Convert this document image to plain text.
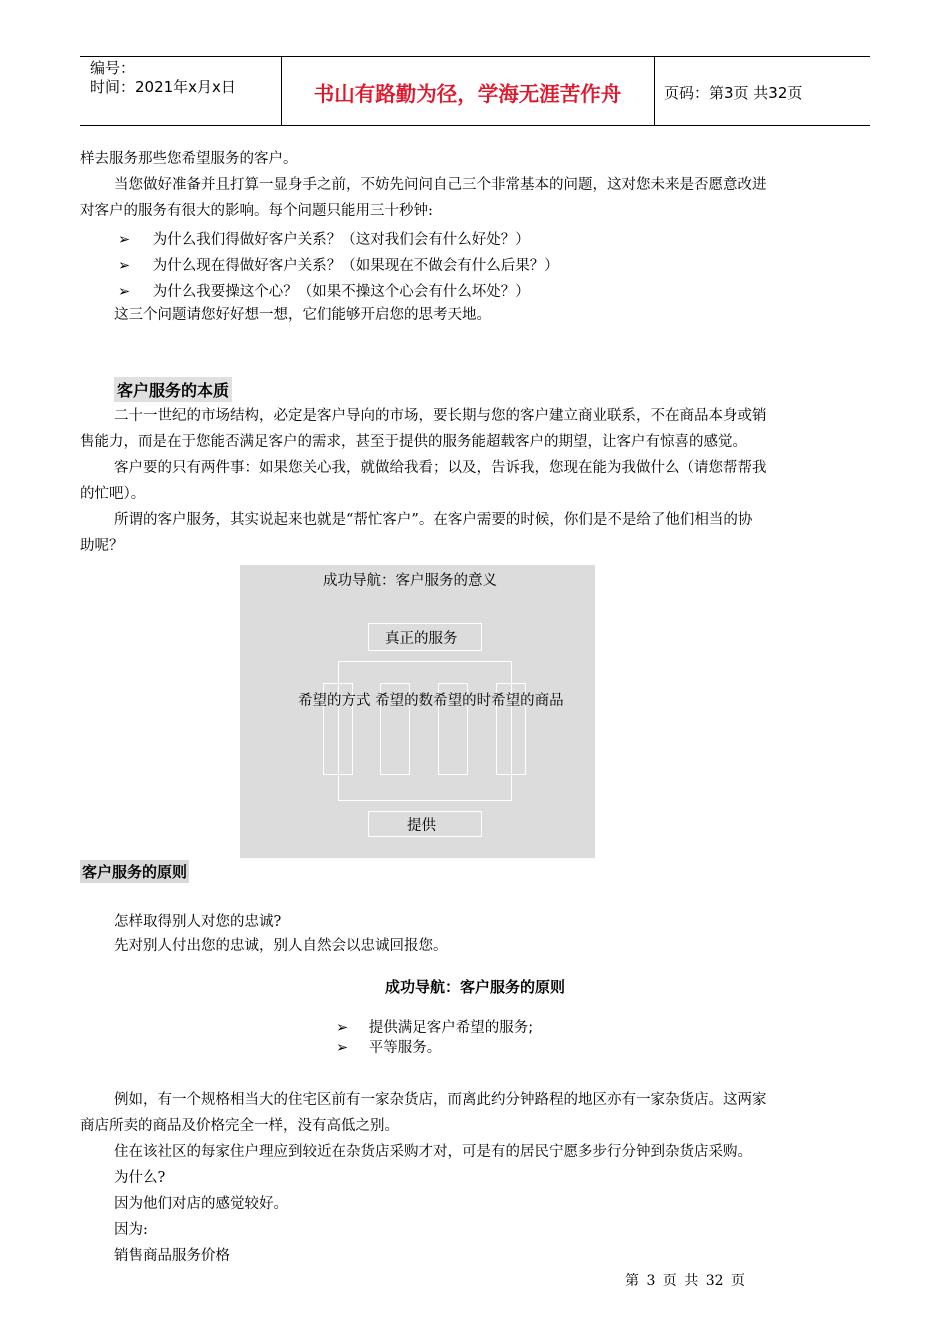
编号：
时间：2021年x月x日	书山有路勤为径，学海无涯苦作舟	页码：第3页 共32页
样去服务那些您希望服务的客户。
当您做好准备并且打算一显身手之前，不妨先问问自己三个非常基本的问题，这对您未来是否愿意改进
对客户的服务有很大的影响。每个问题只能用三十秒钟:
➢ 为什么我们得做好客户关系？（这对我们会有什么好处？）
➢ 为什么现在得做好客户关系？（如果现在不做会有什么后果？）
➢ 为什么我要操这个心？（如果不操这个心会有什么坏处？）
这三个问题请您好好想一想，它们能够开启您的思考天地。
客户服务的本质
二十一世纪的市场结构，必定是客户导向的市场，要长期与您的客户建立商业联系，不在商品本身或销
售能力，而是在于您能否满足客户的需求，甚至于提供的服务能超载客户的期望，让客户有惊喜的感觉。
客户要的只有两件事：如果您关心我，就做给我看；以及，告诉我，您现在能为我做什么（请您帮帮我
的忙吧）。
所谓的客户服务，其实说起来也就是“帮忙客户”。在客户需要的时候，你们是不是给了他们相当的协
助呢？
成功导航：客户服务的意义
真正的服务
希望的方式 希望的数希望的时希望的商品
提供
客户服务的原则
怎样取得别人对您的忠诚?
先对别人付出您的忠诚，别人自然会以忠诚回报您。
成功导航：客户服务的原则
➢ 提供满足客户希望的服务;
➢ 平等服务。
例如，有一个规格相当大的住宅区前有一家杂货店，而离此约分钟路程的地区亦有一家杂货店。这两家
商店所卖的商品及价格完全一样，没有高低之别。
住在该社区的每家住户理应到较近在杂货店采购才对，可是有的居民宁愿多步行分钟到杂货店采购。
为什么?
因为他们对店的感觉较好。
因为:
销售商品服务价格
第 3 页 共 32 页
